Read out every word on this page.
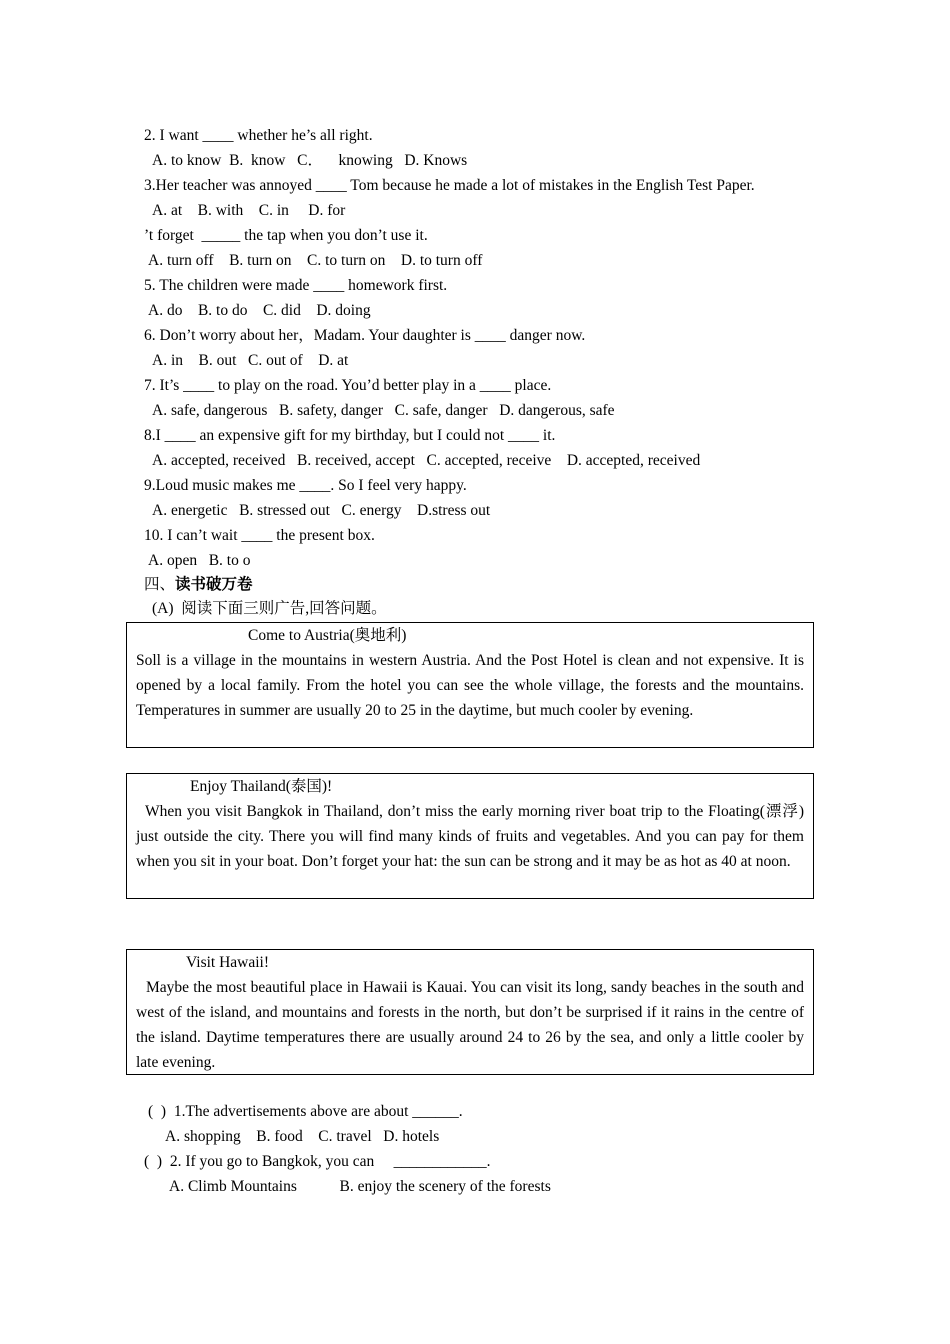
2. I want ____ whether he’s all right.
A. to know  B.  know   C．    knowing   D. Knows
3.Her teacher was annoyed ____ Tom because he made a lot of mistakes in the English Test Paper.
A. at    B. with    C. in     D. for
’t forget  _____ the tap when you don’t use it.
A. turn off    B. turn on    C. to turn on    D. to turn off
5. The children were made ____ homework first.
A. do    B. to do    C. did    D. doing
6. Don’t worry about her，Madam. Your daughter is ____ danger now.
A. in    B. out   C. out of    D. at
7. It’s ____ to play on the road. You’d better play in a ____ place.
A. safe, dangerous   B. safety, danger   C. safe, danger   D. dangerous, safe
8.I ____ an expensive gift for my birthday, but I could not ____ it.
A. accepted, received   B. received, accept   C. accepted, receive    D. accepted, received
9.Loud music makes me ____. So I feel very happy.
A. energetic   B. stressed out   C. energy    D.stress out
10. I can’t wait ____ the present box.
A. open   B. to o
四、读书破万卷
(A)  阅读下面三则广告,回答问题。
Come to Austria(奥地利)

Soll is a village in the mountains in western Austria. And the Post Hotel is clean and not expensive. It is opened by a local family. From the hotel you can see the whole village, the forests and the mountains. Temperatures in summer are usually 20 to 25 in the daytime, but much cooler by evening.

Enjoy Thailand(泰国)!

When you visit Bangkok in Thailand, don’t miss the early morning river boat trip to the Floating(漂浮) just outside the city. There you will find many kinds of fruits and vegetables. And you can pay for them when you sit in your boat. Don’t forget your hat: the sun can be strong and it may be as hot as 40 at noon.

Visit Hawaii!

Maybe the most beautiful place in Hawaii is Kauai. You can visit its long, sandy beaches in the south and west of the island, and mountains and forests in the north, but don’t be surprised if it rains in the centre of the island. Daytime temperatures there are usually around 24 to 26 by the sea, and only a little cooler by late evening.

(  )  1.The advertisements above are about ______.
A. shopping    B. food    C. travel   D. hotels
(  )  2. If you go to Bangkok, you can     ____________.
A. Climb Mountains           B. enjoy the scenery of the forests
